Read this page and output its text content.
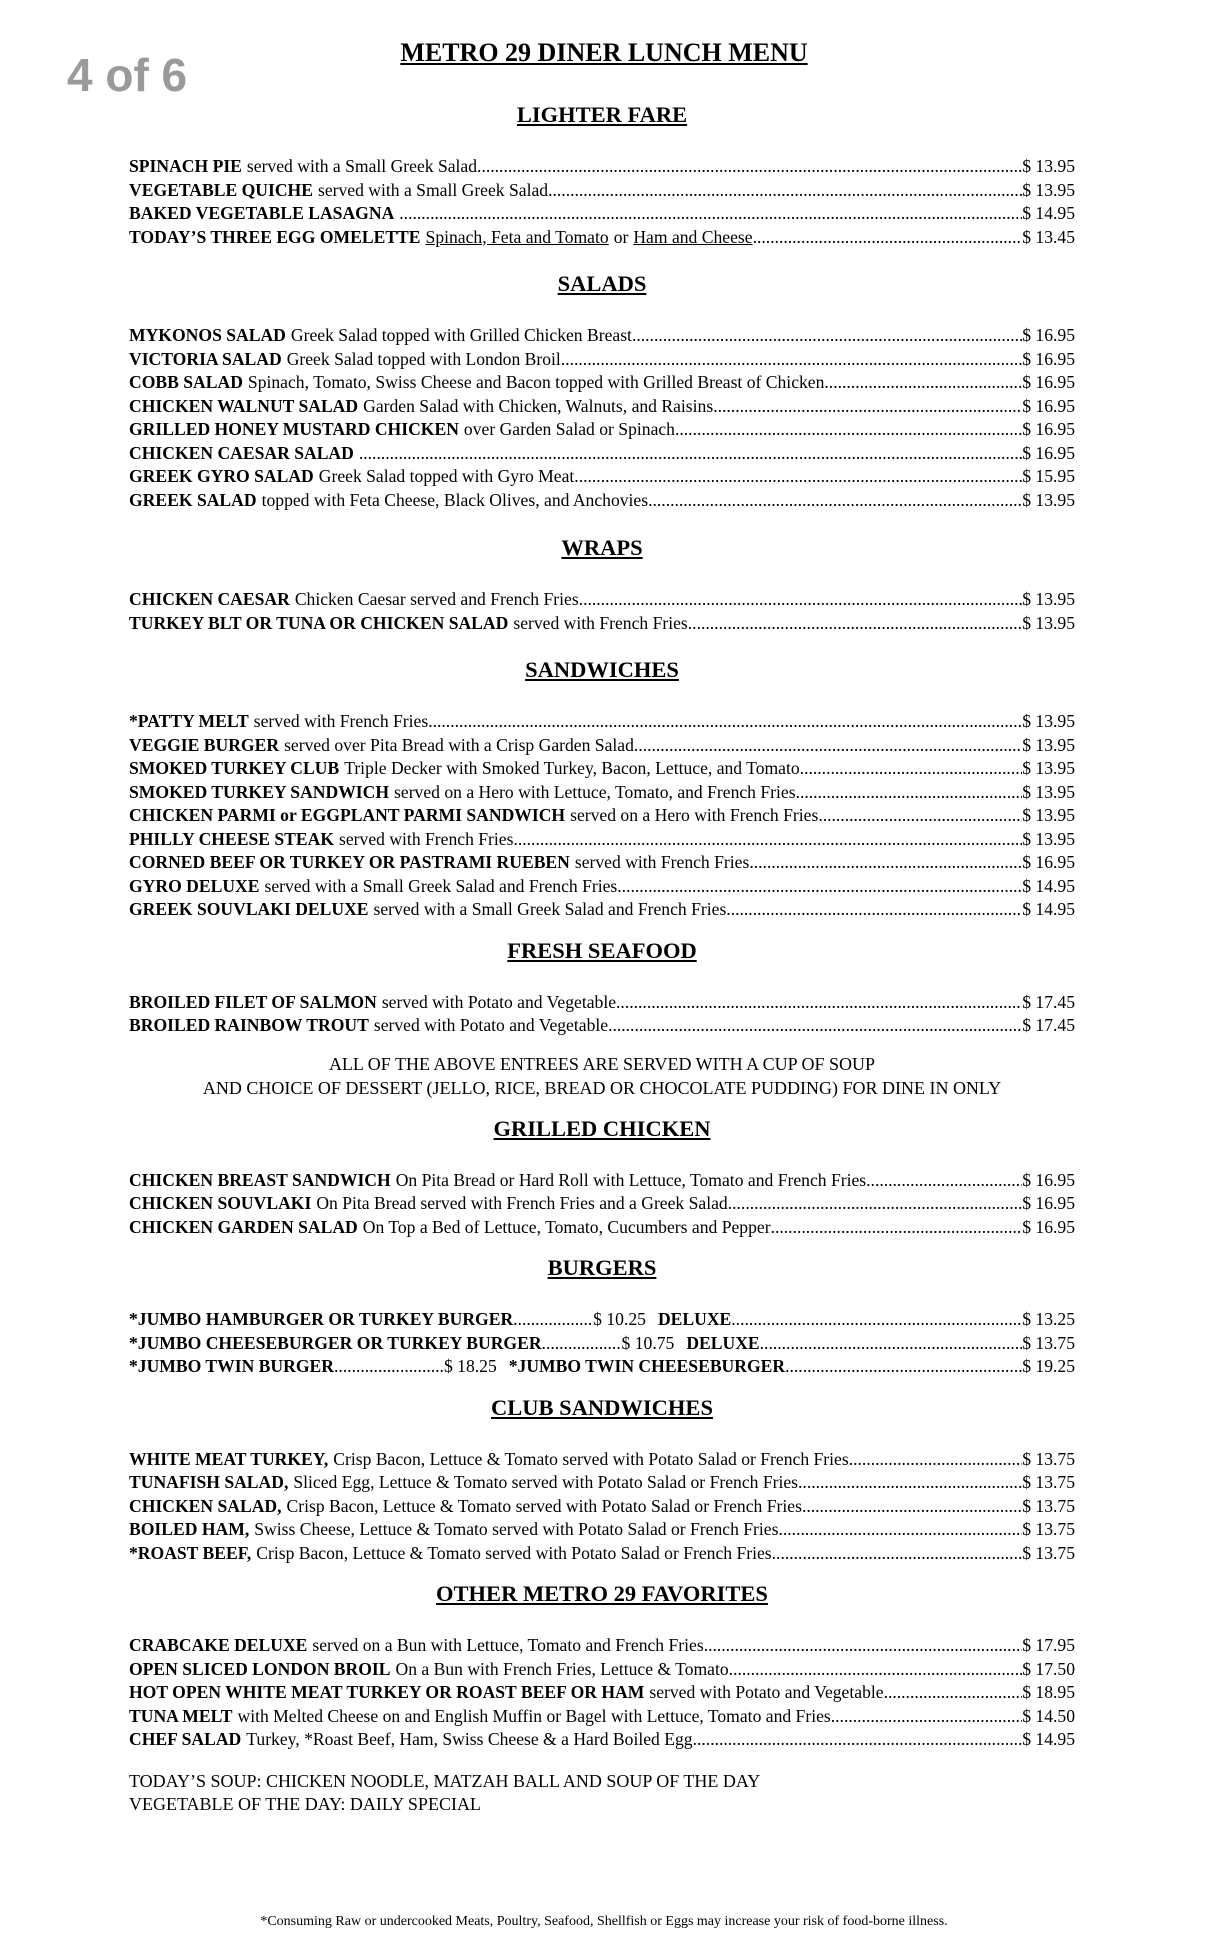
4 of 6	METRO 29 DINER LUNCH MENU
LIGHTER FARE
SPINACH PIE served with a Small Greek Salad .....	$ 13.95
VEGETABLE QUICHE served with a Small Greek Salad .....	$ 13.95
BAKED VEGETABLE LASAGNA .....	$ 14.95
TODAY’S THREE EGG OMELETTE Spinach, Feta and Tomato or Ham and Cheese .....	$ 13.45
SALADS
MYKONOS SALAD Greek Salad topped with Grilled Chicken Breast .....	$ 16.95
VICTORIA SALAD Greek Salad topped with London Broil .....	$ 16.95
COBB SALAD Spinach, Tomato, Swiss Cheese and Bacon topped with Grilled Breast of Chicken .....	$ 16.95
CHICKEN WALNUT SALAD Garden Salad with Chicken, Walnuts, and Raisins .....	$ 16.95
GRILLED HONEY MUSTARD CHICKEN over Garden Salad or Spinach .....	$ 16.95
CHICKEN CAESAR SALAD .....	$ 16.95
GREEK GYRO SALAD Greek Salad topped with Gyro Meat .....	$ 15.95
GREEK SALAD topped with Feta Cheese, Black Olives, and Anchovies .....	$ 13.95
WRAPS
CHICKEN CAESAR Chicken Caesar served and French Fries .....	$ 13.95
TURKEY BLT OR TUNA OR CHICKEN SALAD served with French Fries .....	$ 13.95
SANDWICHES
*PATTY MELT served with French Fries .....	$ 13.95
VEGGIE BURGER served over Pita Bread with a Crisp Garden Salad .....	$ 13.95
SMOKED TURKEY CLUB Triple Decker with Smoked Turkey, Bacon, Lettuce, and Tomato .....	$ 13.95
SMOKED TURKEY SANDWICH served on a Hero with Lettuce, Tomato, and French Fries .....	$ 13.95
CHICKEN PARMI or EGGPLANT PARMI SANDWICH served on a Hero with French Fries .....	$ 13.95
PHILLY CHEESE STEAK served with French Fries .....	$ 13.95
CORNED BEEF OR TURKEY OR PASTRAMI RUEBEN served with French Fries .....	$ 16.95
GYRO DELUXE served with a Small Greek Salad and French Fries .....	$ 14.95
GREEK SOUVLAKI DELUXE served with a Small Greek Salad and French Fries .....	$ 14.95
FRESH SEAFOOD
BROILED FILET OF SALMON served with Potato and Vegetable .....	$ 17.45
BROILED RAINBOW TROUT served with Potato and Vegetable .....	$ 17.45
ALL OF THE ABOVE ENTREES ARE SERVED WITH A CUP OF SOUP
AND CHOICE OF DESSERT (JELLO, RICE, BREAD OR CHOCOLATE PUDDING) FOR DINE IN ONLY
GRILLED CHICKEN
CHICKEN BREAST SANDWICH On Pita Bread or Hard Roll with Lettuce, Tomato and French Fries .....	$ 16.95
CHICKEN SOUVLAKI On Pita Bread served with French Fries and a Greek Salad .....	$ 16.95
CHICKEN GARDEN SALAD On Top a Bed of Lettuce, Tomato, Cucumbers and Pepper .....	$ 16.95
BURGERS
*JUMBO HAMBURGER OR TURKEY BURGER .....	$ 10.25 DELUXE .....	$ 13.25
*JUMBO CHEESEBURGER OR TURKEY BURGER .....	$ 10.75 DELUXE .....	$ 13.75
*JUMBO TWIN BURGER .....	$ 18.25 *JUMBO TWIN CHEESEBURGER .....	$ 19.25
CLUB SANDWICHES
WHITE MEAT TURKEY, Crisp Bacon, Lettuce & Tomato served with Potato Salad or French Fries .....	$ 13.75
TUNAFISH SALAD, Sliced Egg, Lettuce & Tomato served with Potato Salad or French Fries .....	$ 13.75
CHICKEN SALAD, Crisp Bacon, Lettuce & Tomato served with Potato Salad or French Fries .....	$ 13.75
BOILED HAM, Swiss Cheese, Lettuce & Tomato served with Potato Salad or French Fries .....	$ 13.75
*ROAST BEEF, Crisp Bacon, Lettuce & Tomato served with Potato Salad or French Fries .....	$ 13.75
OTHER METRO 29 FAVORITES
CRABCAKE DELUXE served on a Bun with Lettuce, Tomato and French Fries .....	$ 17.95
OPEN SLICED LONDON BROIL On a Bun with French Fries, Lettuce & Tomato .....	$ 17.50
HOT OPEN WHITE MEAT TURKEY OR ROAST BEEF OR HAM served with Potato and Vegetable .....	$ 18.95
TUNA MELT with Melted Cheese on and English Muffin or Bagel with Lettuce, Tomato and Fries .....	$ 14.50
CHEF SALAD Turkey, *Roast Beef, Ham, Swiss Cheese & a Hard Boiled Egg .....	$ 14.95
TODAY’S SOUP: CHICKEN NOODLE, MATZAH BALL AND SOUP OF THE DAY
VEGETABLE OF THE DAY: DAILY SPECIAL
*Consuming Raw or undercooked Meats, Poultry, Seafood, Shellfish or Eggs may increase your risk of food-borne illness.
